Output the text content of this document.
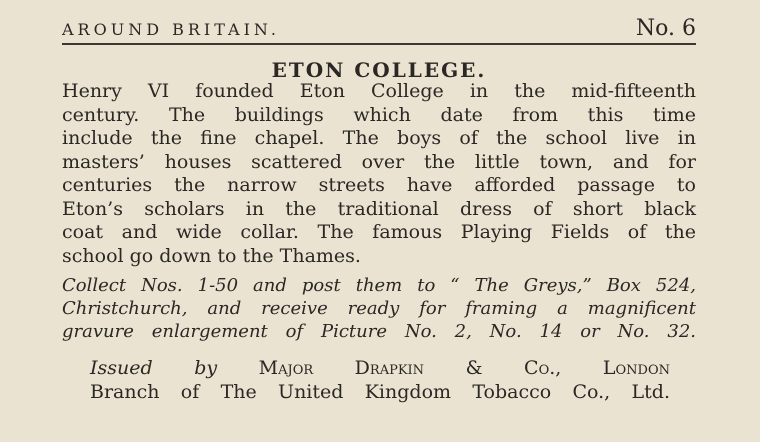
AROUND BRITAIN.	No. 6
ETON COLLEGE.
Henry VI founded Eton College in the mid-fifteenth
century. The buildings which date from this time
include the fine chapel. The boys of the school live in
masters’ houses scattered over the little town, and for
centuries the narrow streets have afforded passage to
Eton’s scholars in the traditional dress of short black
coat and wide collar. The famous Playing Fields of the
school go down to the Thames.
Collect Nos. 1-50 and post them to “ The Greys,” Box 524,
Christchurch, and receive ready for framing a magnificent
gravure enlargement of Picture No. 2, No. 14 or No. 32.
Issued by Major Drapkin & Co., London
Branch of The United Kingdom Tobacco Co., Ltd.
